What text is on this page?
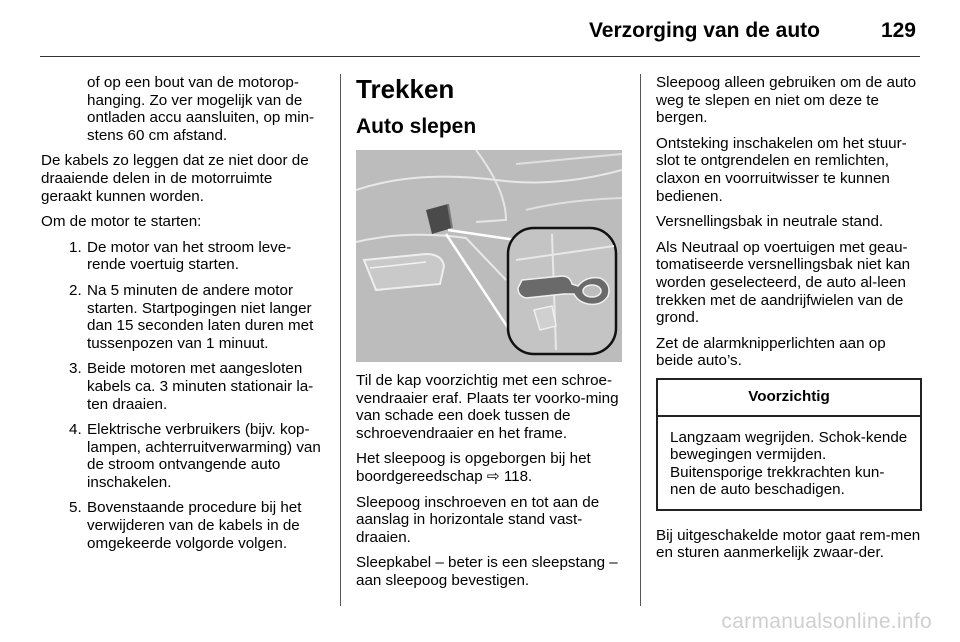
Verzorging van de auto	129

of op een bout van de motorop-hanging. Zo ver mogelijk van de ontladen accu aansluiten, op min-stens 60 cm afstand.

De kabels zo leggen dat ze niet door de draaiende delen in de motorruimte geraakt kunnen worden.

Om de motor te starten:

1. De motor van het stroom leve-rende voertuig starten.
2. Na 5 minuten de andere motor starten. Startpogingen niet langer dan 15 seconden laten duren met tussenpozen van 1 minuut.
3. Beide motoren met aangesloten kabels ca. 3 minuten stationair la-ten draaien.
4. Elektrische verbruikers (bijv. kop-lampen, achterruitverwarming) van de stroom ontvangende auto inschakelen.
5. Bovenstaande procedure bij het verwijderen van de kabels in de omgekeerde volgorde volgen.
Trekken
Auto slepen

Til de kap voorzichtig met een schroe-vendraaier eraf. Plaats ter voorko-ming van schade een doek tussen de schroevendraaier en het frame.

Het sleepoog is opgeborgen bij het boordgereedschap ⇨ 118.

Sleepoog inschroeven en tot aan de aanslag in horizontale stand vast-draaien.

Sleepkabel – beter is een sleepstang – aan sleepoog bevestigen.

Sleepoog alleen gebruiken om de auto weg te slepen en niet om deze te bergen.

Ontsteking inschakelen om het stuur-slot te ontgrendelen en remlichten, claxon en voorruitwisser te kunnen bedienen.

Versnellingsbak in neutrale stand.

Als Neutraal op voertuigen met geau-tomatiseerde versnellingsbak niet kan worden geselecteerd, de auto al-leen trekken met de aandrijfwielen van de grond.

Zet de alarmknipperlichten aan op beide auto’s.

Voorzichtig
Langzaam wegrijden. Schok-kende bewegingen vermijden. Buitensporige trekkrachten kun-nen de auto beschadigen.

Bij uitgeschakelde motor gaat rem-men en sturen aanmerkelijk zwaar-der.

carmanualsonline.info
